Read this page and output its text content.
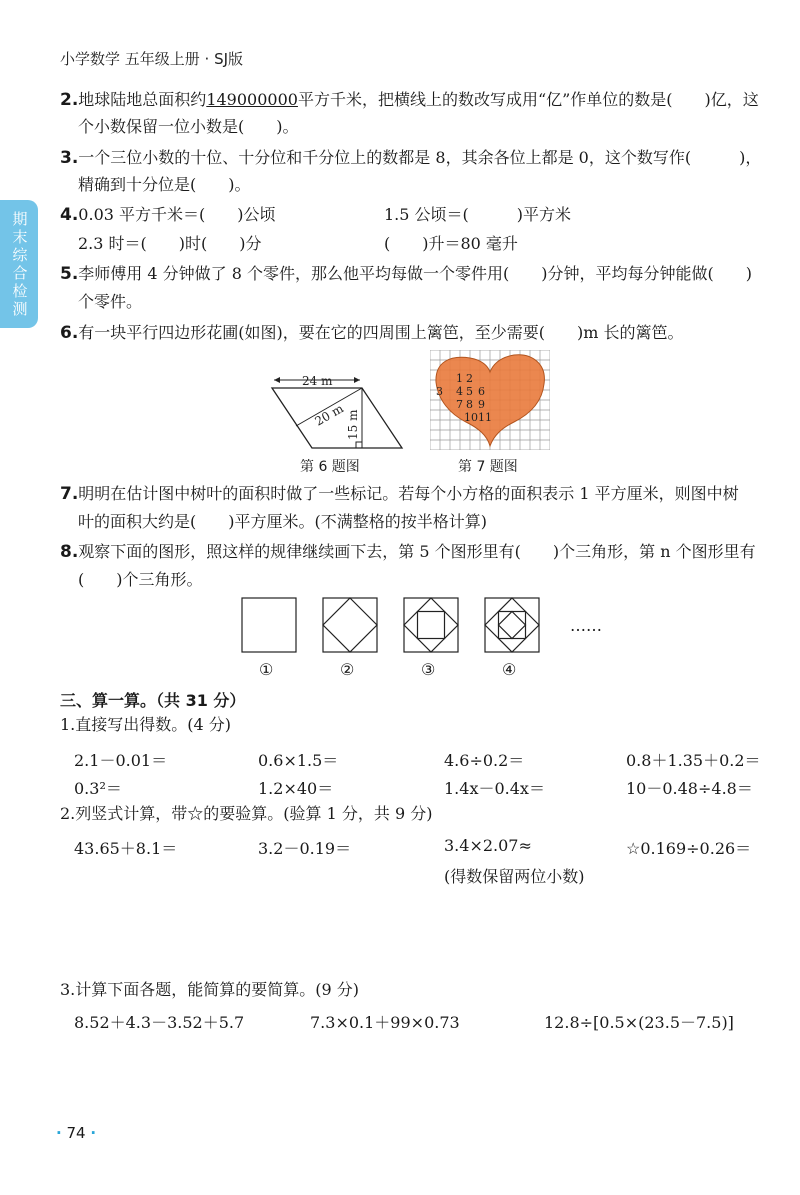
小学数学 五年级上册 · SJ版
期末综合检测
2.地球陆地总面积约149000000平方千米，把横线上的数改写成用“亿”作单位的数是(　　)亿，这
个小数保留一位小数是(　　)。
3.一个三位小数的十位、十分位和千分位上的数都是 8，其余各位上都是 0，这个数写作(　　　)，
精确到十分位是(　　)。
4.0.03 平方千米＝(　　)公顷	1.5 公顷＝(　　　)平方米
2.3 时＝(　　)时(　　)分	(　　)升＝80 毫升
5.李师傅用 4 分钟做了 8 个零件，那么他平均每做一个零件用(　　)分钟，平均每分钟能做(　　)
个零件。
6.有一块平行四边形花圃(如图)，要在它的四周围上篱笆，至少需要(　　)m 长的篱笆。
24 m
20 m 15 m
第 6 题图
1 2
3 4 5 6
7 8 9
10 11
第 7 题图
7.明明在估计图中树叶的面积时做了一些标记。若每个小方格的面积表示 1 平方厘米，则图中树
叶的面积大约是(　　)平方厘米。(不满整格的按半格计算)
8.观察下面的图形，照这样的规律继续画下去，第 5 个图形里有(　　)个三角形，第 n 个图形里有
(　　)个三角形。
……
①	②	③	④
三、算一算。（共 31 分）
1.直接写出得数。(4 分)
2.1－0.01＝	0.6×1.5＝	4.6÷0.2＝	0.8＋1.35＋0.2＝
0.3²＝	1.2×40＝	1.4x－0.4x＝	10－0.48÷4.8＝
2.列竖式计算，带☆的要验算。(验算 1 分，共 9 分)
43.65＋8.1＝	3.2－0.19＝	3.4×2.07≈	☆0.169÷0.26＝
(得数保留两位小数)
3.计算下面各题，能简算的要简算。(9 分)
8.52＋4.3－3.52＋5.7	7.3×0.1＋99×0.73	12.8÷[0.5×(23.5－7.5)]
· 74 ·
